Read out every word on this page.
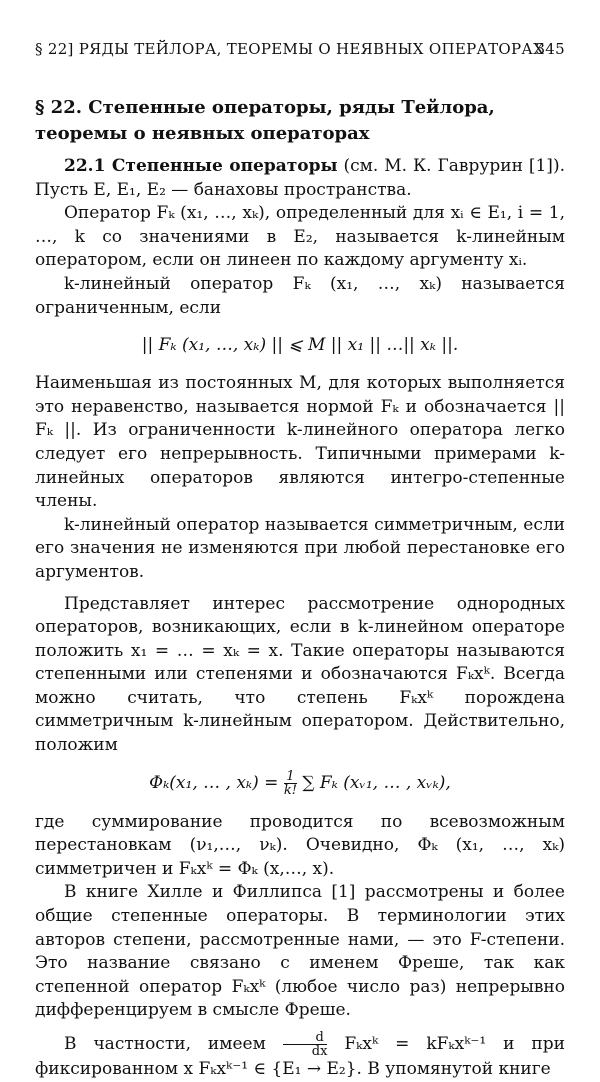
§ 22] РЯДЫ ТЕЙЛОРА, ТЕОРЕМЫ О НЕЯВНЫХ ОПЕРАТОРАХ
345
§ 22. Степенные операторы, ряды Тейлора, теоремы о неявных операторах

22.1 Степенные операторы (см. М. К. Гаврурин [1]). Пусть E, E₁, E₂ — банаховы пространства.

Оператор Fₖ (x₁, …, xₖ), определенный для xᵢ ∈ E₁, i = 1, …, k со значениями в E₂, называется k-линейным оператором, если он линеен по каждому аргументу xᵢ.

k-линейный оператор Fₖ (x₁, …, xₖ) называется ограниченным, если

|| Fₖ (x₁, …, xₖ) || ⩽ M || x₁ || …|| xₖ ||.

Наименьшая из постоянных M, для которых выполняется это неравенство, называется нормой Fₖ и обозначается || Fₖ ||. Из ограниченности k-линейного оператора легко следует его непрерывность. Типичными примерами k-линейных операторов являются интегро-степенные члены.

k-линейный оператор называется симметричным, если его значения не изменяются при любой перестановке его аргументов.

Представляет интерес рассмотрение однородных операторов, возникающих, если в k-линейном операторе положить x₁ = … = xₖ = x. Такие операторы называются степенными или степенями и обозначаются Fₖxᵏ. Всегда можно считать, что степень Fₖxᵏ порождена симметричным k-линейным оператором. Действительно, положим

Φₖ(x₁, … , $x_k) = \frac{1}{k!}$ ∑ Fₖ (xᵥ₁, … , xᵥₖ),

где суммирование проводится по всевозможным перестановкам (ν₁,…, νₖ). Очевидно, Φₖ (x₁, …, xₖ) симметричен и Fₖxᵏ = Φₖ (x,…, x).

В книге Хилле и Филлипса [1] рассмотрены и более общие степенные операторы. В терминологии этих авторов степени, рассмотренные нами, — это F-степени. Это название связано с именем Фреше, так как степенной оператор Fₖxᵏ (любое число раз) непрерывно дифференцируем в смысле Фреше.

В частности, имеем $\frac{d}{dx}$ Fₖxᵏ = kFₖxᵏ⁻¹ и при фиксированном x Fₖxᵏ⁻¹ ∈ {E₁ → E₂}. В упомянутой книге
